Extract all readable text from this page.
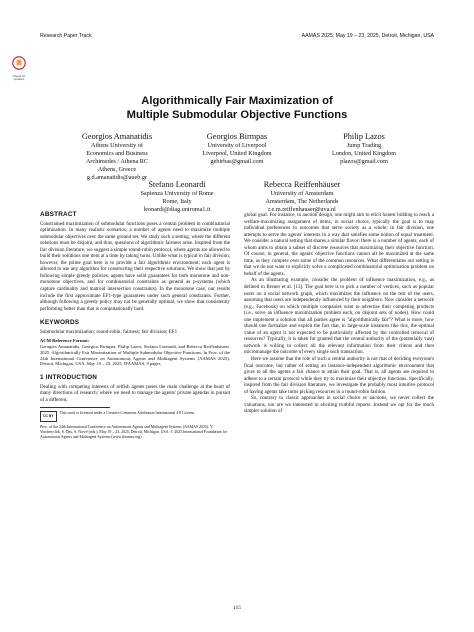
Research Paper Track	AAMAS 2025, May 19 – 23, 2025, Detroit, Michigan, USA
Check for
updates
Algorithmically Fair Maximization of
Multiple Submodular Objective Functions
Georgios Amanatidis
Athens University of
Economics and Business
Archimedes / Athena RC
Athens, Greece
g.d.amanatidis@aueb.gr
Georgios Birmpas
University of Liverpool
Liverpool, United Kingdom
gebirbas@gmail.com
Philip Lazos
Jump Trading
London, United Kingdom
plazos@gmail.com
Stefano Leonardi
Sapienza University of Rome
Rome, Italy
leonardi@diag.uniroma1.it
Rebecca Reiffenhäuser
University of Amsterdam
Amsterdam, The Netherlands
r.e.m.reiffenhauser@uva.nl
ABSTRACT

Constrained maximization of submodular functions poses a central problem in combinatorial optimization. In many realistic scenarios, a number of agents need to maximize multiple submodular objectives over the same ground set. We study such a setting, where the different solutions must be disjoint, and thus, questions of algorithmic fairness arise. Inspired from the fair division literature, we suggest a simple round-robin protocol, where agents are allowed to build their solutions one item at a time by taking turns. Unlike what is typical in fair division, however, the prime goal here is to provide a fair algorithmic environment; each agent is allowed to use any algorithm for constructing their respective solutions. We show that just by following simple greedy policies, agents have solid guarantees for both monotone and non-monotone objectives, and for combinatorial constraints as general as p-systems (which capture cardinality and matroid intersection constraints). In the monotone case, our results include the first approximate EF1-type guarantees under such general constraints. Further, although following a greedy policy may not be generally optimal, we show that consistently performing better than that is computationally hard.

KEYWORDS

Submodular maximization; round-robin; fairness; fair division; EF1

ACM Reference Format:

Georgios Amanatidis, Georgios Birmpas, Philip Lazos, Stefano Leonardi, and Rebecca Reiffenhäuser. 2025. Algorithmically Fair Maximization of Multiple Submodular Objective Functions. In Proc. of the 24th International Conference on Autonomous Agents and Multiagent Systems (AAMAS 2025), Detroit, Michigan, USA, May 19 – 23, 2025, IFAAMAS, 9 pages.

1 INTRODUCTION

Dealing with competing interests of selfish agents poses the main challenge at the heart of many directions of research; where we need to manage the agents' private agendas in pursuit of a different,

CC BY
This work is licensed under a Creative Commons Attribution International 4.0 License.

Proc. of the 24th International Conference on Autonomous Agents and Multiagent Systems (AAMAS 2025), Y. Vorobeychik, S. Das, A. Nowé (eds.), May 19 – 23, 2025, Detroit, Michigan, USA. © 2025 International Foundation for Autonomous Agents and Multiagent Systems (www.ifaamas.org).

global goal. For instance, in auction design, one might aim to elicit honest bidding to reach a welfare-maximizing assignment of items; in social choice, typically the goal is to map individual preferences to outcomes that serve society as a whole; in fair division, one attempts to serve the agents' interests in a way that satisfies some notion of equal treatment. We consider a natural setting that shares a similar flavor: there is a number of agents, each of whom aims to obtain a subset of discrete resources that maximizing their objective function. Of course, in general, the agents' objective functions cannot all be maximized at the same time, as they compete over some of the common resources. What differentiates our setting is that we do not want to explicitly solve a complicated combinatorial optimization problem on behalf of the agents.

As an illustrating example, consider the problem of influence maximization, e.g., as defined in Breuer et al. [13]. The goal here is to pick a number of vertices, such as popular users on a social network graph, which maximizes the influence on the rest of the users, assuming that users are independently influenced by their neighbors. Now consider a network (e.g., Facebook) on which multiple companies want to advertise their competing products (i.e., solve an influence maximization problem each, on disjoint sets of nodes). How could one implement a solution that all parties agree is "algorithmically fair"? What is more, how should one formalize and exploit the fact that, in large-scale instances like this, the optimal value of an agent is not expected to be particularly affected by the controlled removal of resources? Typically, it is taken for granted that the central authority of the (potentially vast) network is willing to collect all the relevant information from their clients and then micromanage the outcome of every single such transaction.

Here we assume that the role of such a central authority is not that of deciding everyone's final outcome, but rather of setting an instance-independent algorithmic environment that gives to all the agents a fair chance to attain their goal. That is, all agents are required to adhere to a certain protocol while they try to maximize their objective functions. Specifically, inspired from the fair division literature, we investigate the probably most intuitive protocol of having agents take turns picking resources in a round-robin fashion.

So, contrary to classic approaches in social choice or auctions, we never collect the valuations, nor are we interested in eliciting truthful reports. Instead we opt for the much simpler solution of

115
